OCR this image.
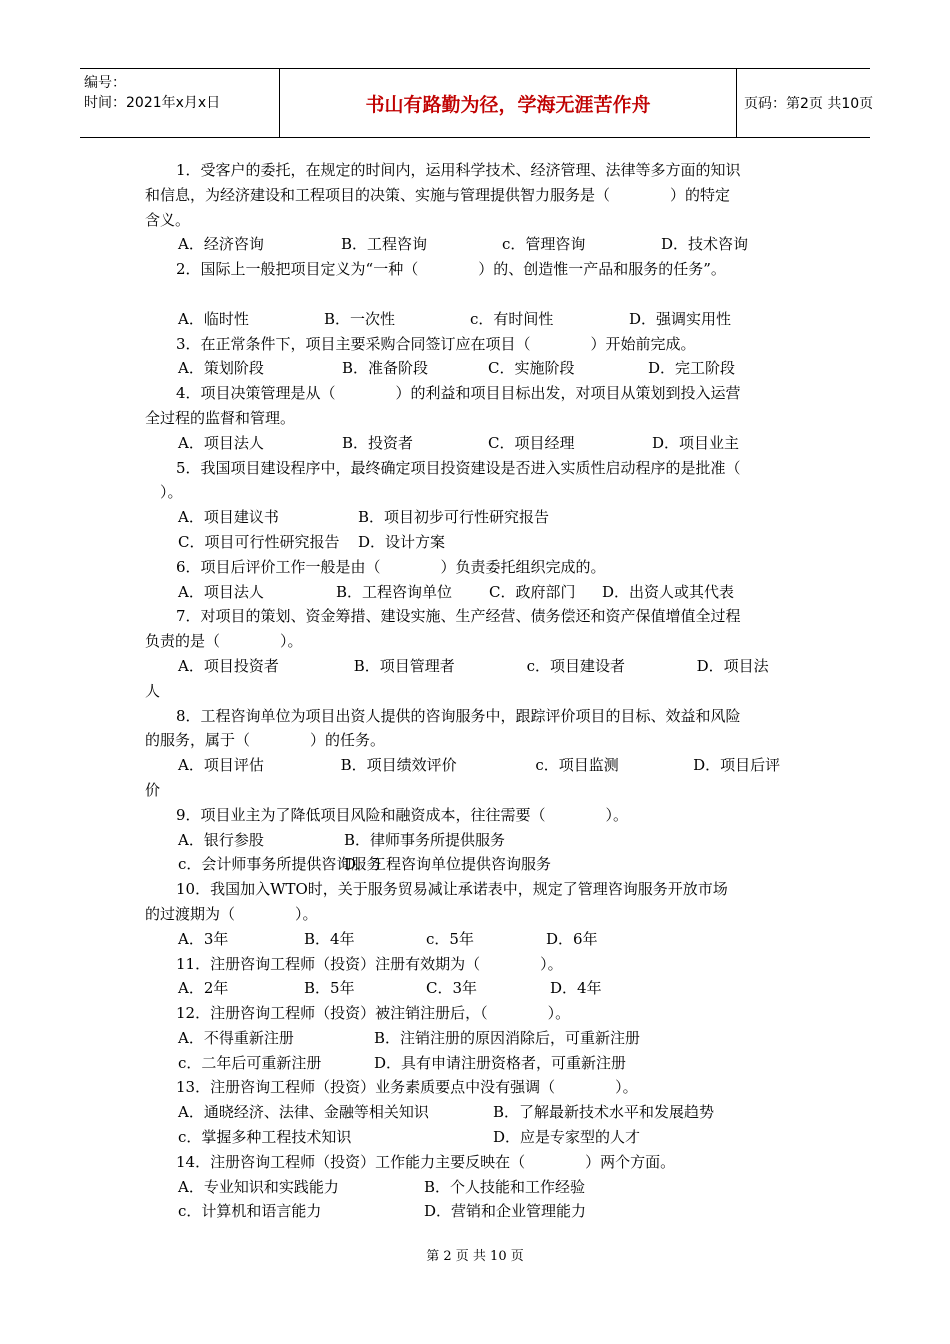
编号：
时间：2021年x月x日	书山有路勤为径，学海无涯苦作舟	页码：第2页 共10页
1．受客户的委托，在规定的时间内，运用科学技术、经济管理、法律等多方面的知识
和信息，为经济建设和工程项目的决策、实施与管理提供智力服务是（　　　　）的特定
含义。
A．经济咨询	B．工程咨询	c．管理咨询	D．技术咨询
2．国际上一般把项目定义为“一种（　　　　）的、创造惟一产品和服务的任务”。
A．临时性	B．一次性	c．有时间性	D．强调实用性
3．在正常条件下，项目主要采购合同签订应在项目（　　　　）开始前完成。
A．策划阶段	B．准备阶段	C．实施阶段	D．完工阶段
4．项目决策管理是从（　　　　）的利益和项目目标出发，对项目从策划到投入运营
全过程的监督和管理。
A．项目法人	B．投资者	C．项目经理	D．项目业主
5．我国项目建设程序中，最终确定项目投资建设是否进入实质性启动程序的是批准（
　）。
A．项目建议书	B．项目初步可行性研究报告
C．项目可行性研究报告	D．设计方案
6．项目后评价工作一般是由（　　　　）负责委托组织完成的。
A．项目法人	B．工程咨询单位	C．政府部门	D．出资人或其代表
7．对项目的策划、资金筹措、建设实施、生产经营、债务偿还和资产保值增值全过程
负责的是（　　　　）。
A．项目投资者	B．项目管理者	c．项目建设者	D．项目法
人
8．工程咨询单位为项目出资人提供的咨询服务中，跟踪评价项目的目标、效益和风险
的服务，属于（　　　　）的任务。
A．项目评估	B．项目绩效评价	c．项目监测	D．项目后评
价
9．项目业主为了降低项目风险和融资成本，往往需要（　　　　）。
A．银行参股	B．律师事务所提供服务
c．会计师事务所提供咨询服务
D．工程咨询单位提供咨询服务
10．我国加入WTO时，关于服务贸易减让承诺表中，规定了管理咨询服务开放市场
的过渡期为（　　　　）。
A．3年	B．4年	c．5年	D．6年
11．注册咨询工程师（投资）注册有效期为（　　　　）。
A．2年	B．5年	C．3年	D．4年
12．注册咨询工程师（投资）被注销注册后，（　　　　）。
A．不得重新注册	B．注销注册的原因消除后，可重新注册
c．二年后可重新注册	D．具有申请注册资格者，可重新注册
13．注册咨询工程师（投资）业务素质要点中没有强调（　　　　）。
A．通晓经济、法律、金融等相关知识	B．了解最新技术水平和发展趋势
c．掌握多种工程技术知识	D．应是专家型的人才
14．注册咨询工程师（投资）工作能力主要反映在（　　　　）两个方面。
A．专业知识和实践能力	B．个人技能和工作经验
c．计算机和语言能力	D．营销和企业管理能力
第 2 页 共 10 页
